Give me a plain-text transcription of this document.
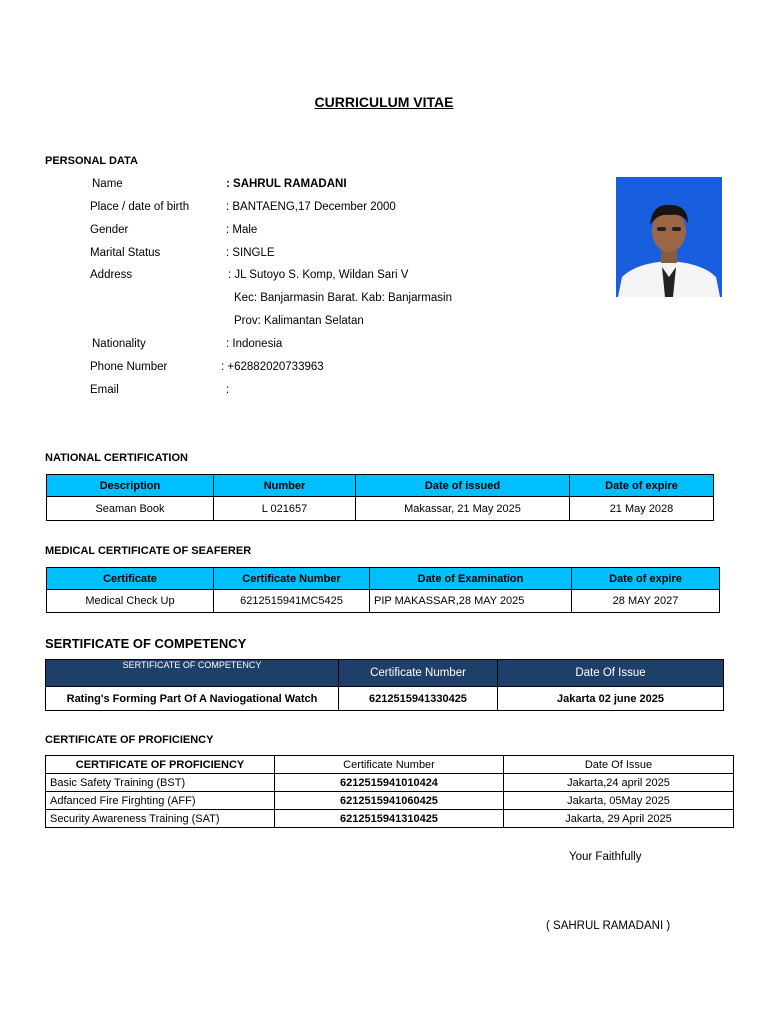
CURRICULUM VITAE
PERSONAL DATA
Name	: SAHRUL RAMADANI
Place / date of birth	: BANTAENG,17 December 2000
Gender	: Male
Marital Status	: SINGLE
Address	: JL Sutoyo S. Komp, Wildan Sari V
Kec: Banjarmasin Barat. Kab: Banjarmasin
Prov: Kalimantan Selatan
Nationality	: Indonesia
Phone Number	: +62882020733963
Email	:
NATIONAL CERTIFICATION
Description	Number	Date of issued	Date of expire
Seaman Book	L 021657	Makassar, 21 May 2025	21 May 2028
MEDICAL CERTIFICATE OF SEAFERER
Certificate	Certificate Number	Date of Examination	Date of expire
Medical Check Up	6212515941MC5425	PIP MAKASSAR,28 MAY 2025	28 MAY 2027
SERTIFICATE OF COMPETENCY
SERTIFICATE OF COMPETENCY	Certificate Number	Date Of Issue
Rating's Forming Part Of A Naviogational Watch	6212515941330425	Jakarta 02 june 2025
CERTIFICATE OF PROFICIENCY
CERTIFICATE OF PROFICIENCY	Certificate Number	Date Of Issue
Basic Safety Training (BST)	6212515941010424	Jakarta,24 april 2025
Adfanced Fire Firghting (AFF)	6212515941060425	Jakarta, 05May 2025
Security Awareness Training (SAT)	6212515941310425	Jakarta, 29 April 2025
Your Faithfully
( SAHRUL RAMADANI )
